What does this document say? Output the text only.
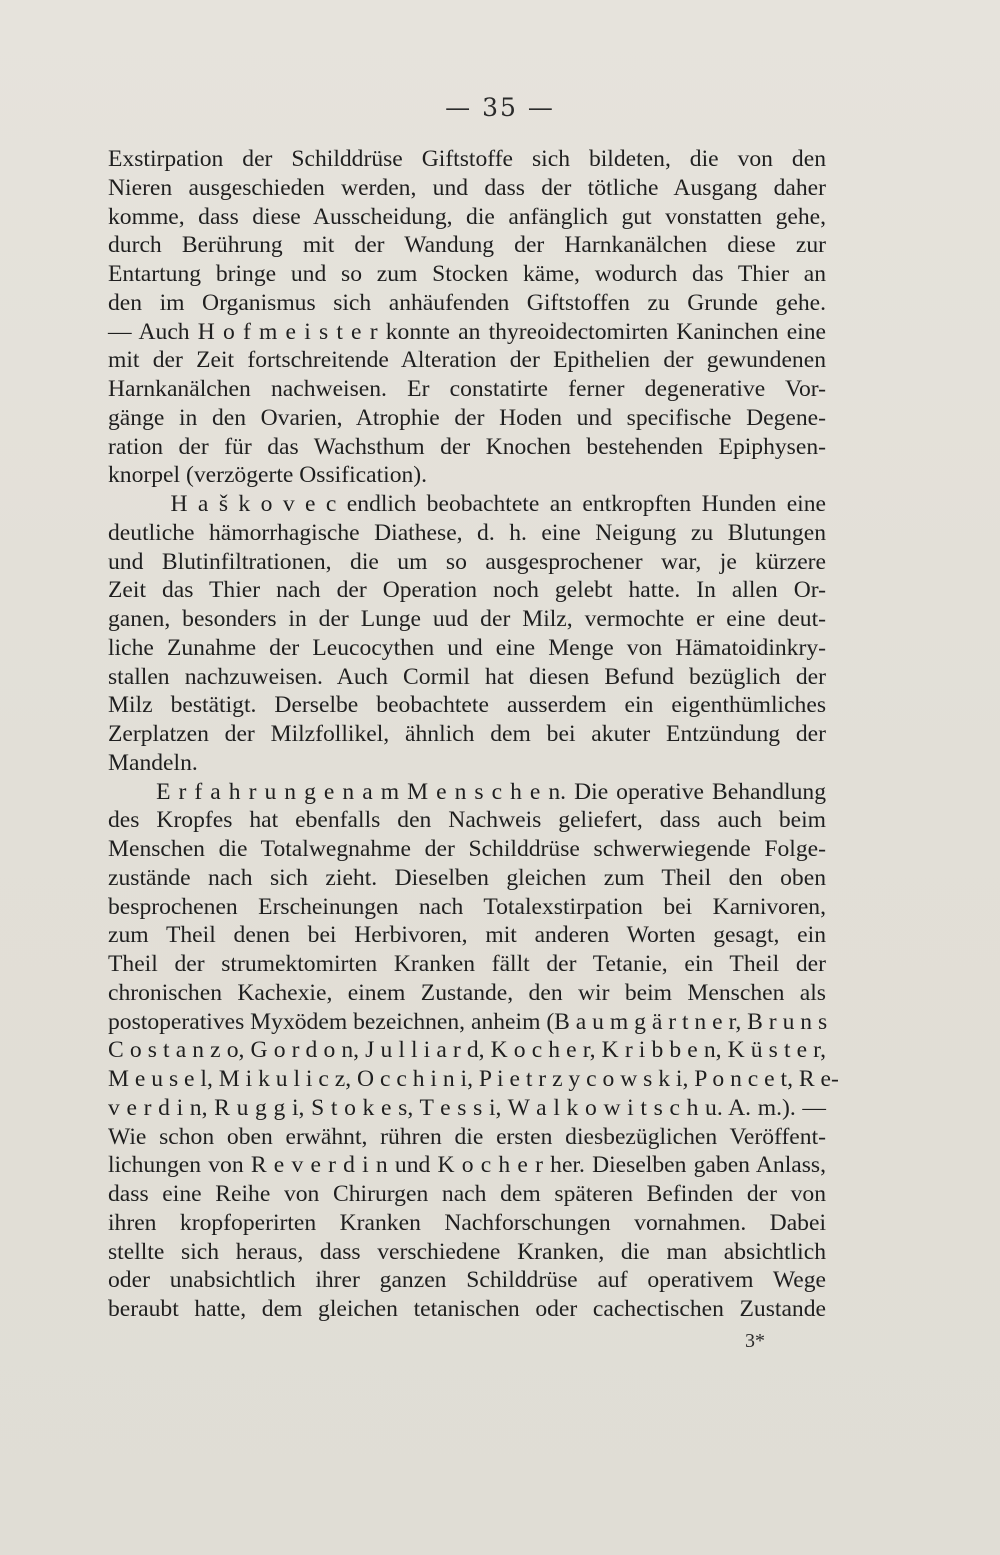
— 35 —
Exstirpation der Schilddrüse Giftstoffe sich bildeten, die von den
Nieren ausgeschieden werden, und dass der tötliche Ausgang daher
komme, dass diese Ausscheidung, die anfänglich gut vonstatten gehe,
durch Berührung mit der Wandung der Harnkanälchen diese zur
Entartung bringe und so zum Stocken käme, wodurch das Thier an
den im Organismus sich anhäufenden Giftstoffen zu Grunde gehe.
— Auch H o f m e i s t e r konnte an thyreoidectomirten Kaninchen eine
mit der Zeit fortschreitende Alteration der Epithelien der gewundenen
Harnkanälchen nachweisen. Er constatirte ferner degenerative Vor-
gänge in den Ovarien, Atrophie der Hoden und specifische Degene-
ration der für das Wachsthum der Knochen bestehenden Epiphysen-
knorpel (verzögerte Ossification).
H a š k o v e c endlich beobachtete an entkropften Hunden eine
deutliche hämorrhagische Diathese, d. h. eine Neigung zu Blutungen
und Blutinfiltrationen, die um so ausgesprochener war, je kürzere
Zeit das Thier nach der Operation noch gelebt hatte. In allen Or-
ganen, besonders in der Lunge uud der Milz, vermochte er eine deut-
liche Zunahme der Leucocythen und eine Menge von Hämatoidinkry-
stallen nachzuweisen. Auch Cormil hat diesen Befund bezüglich der
Milz bestätigt. Derselbe beobachtete ausserdem ein eigenthümliches
Zerplatzen der Milzfollikel, ähnlich dem bei akuter Entzündung der
Mandeln.
E r f a h r u n g e n a m M e n s c h e n. Die operative Behandlung
des Kropfes hat ebenfalls den Nachweis geliefert, dass auch beim
Menschen die Totalwegnahme der Schilddrüse schwerwiegende Folge-
zustände nach sich zieht. Dieselben gleichen zum Theil den oben
besprochenen Erscheinungen nach Totalexstirpation bei Karnivoren,
zum Theil denen bei Herbivoren, mit anderen Worten gesagt, ein
Theil der strumektomirten Kranken fällt der Tetanie, ein Theil der
chronischen Kachexie, einem Zustande, den wir beim Menschen als
postoperatives Myxödem bezeichnen, anheim (B a u m g ä r t n e r, B r u n s
C o s t a n z o, G o r d o n, J u l l i a r d, K o c h e r, K r i b b e n, K ü s t e r,
M e u s e l, M i k u l i c z, O c c h i n i, P i e t r z y c o w s k i, P o n c e t, R e-
v e r d i n, R u g g i, S t o k e s, T e s s i, W a l k o w i t s c h u. A. m.). —
Wie schon oben erwähnt, rühren die ersten diesbezüglichen Veröffent-
lichungen von R e v e r d i n und K o c h e r her. Dieselben gaben Anlass,
dass eine Reihe von Chirurgen nach dem späteren Befinden der von
ihren kropfoperirten Kranken Nachforschungen vornahmen. Dabei
stellte sich heraus, dass verschiedene Kranken, die man absichtlich
oder unabsichtlich ihrer ganzen Schilddrüse auf operativem Wege
beraubt hatte, dem gleichen tetanischen oder cachectischen Zustande
3*
